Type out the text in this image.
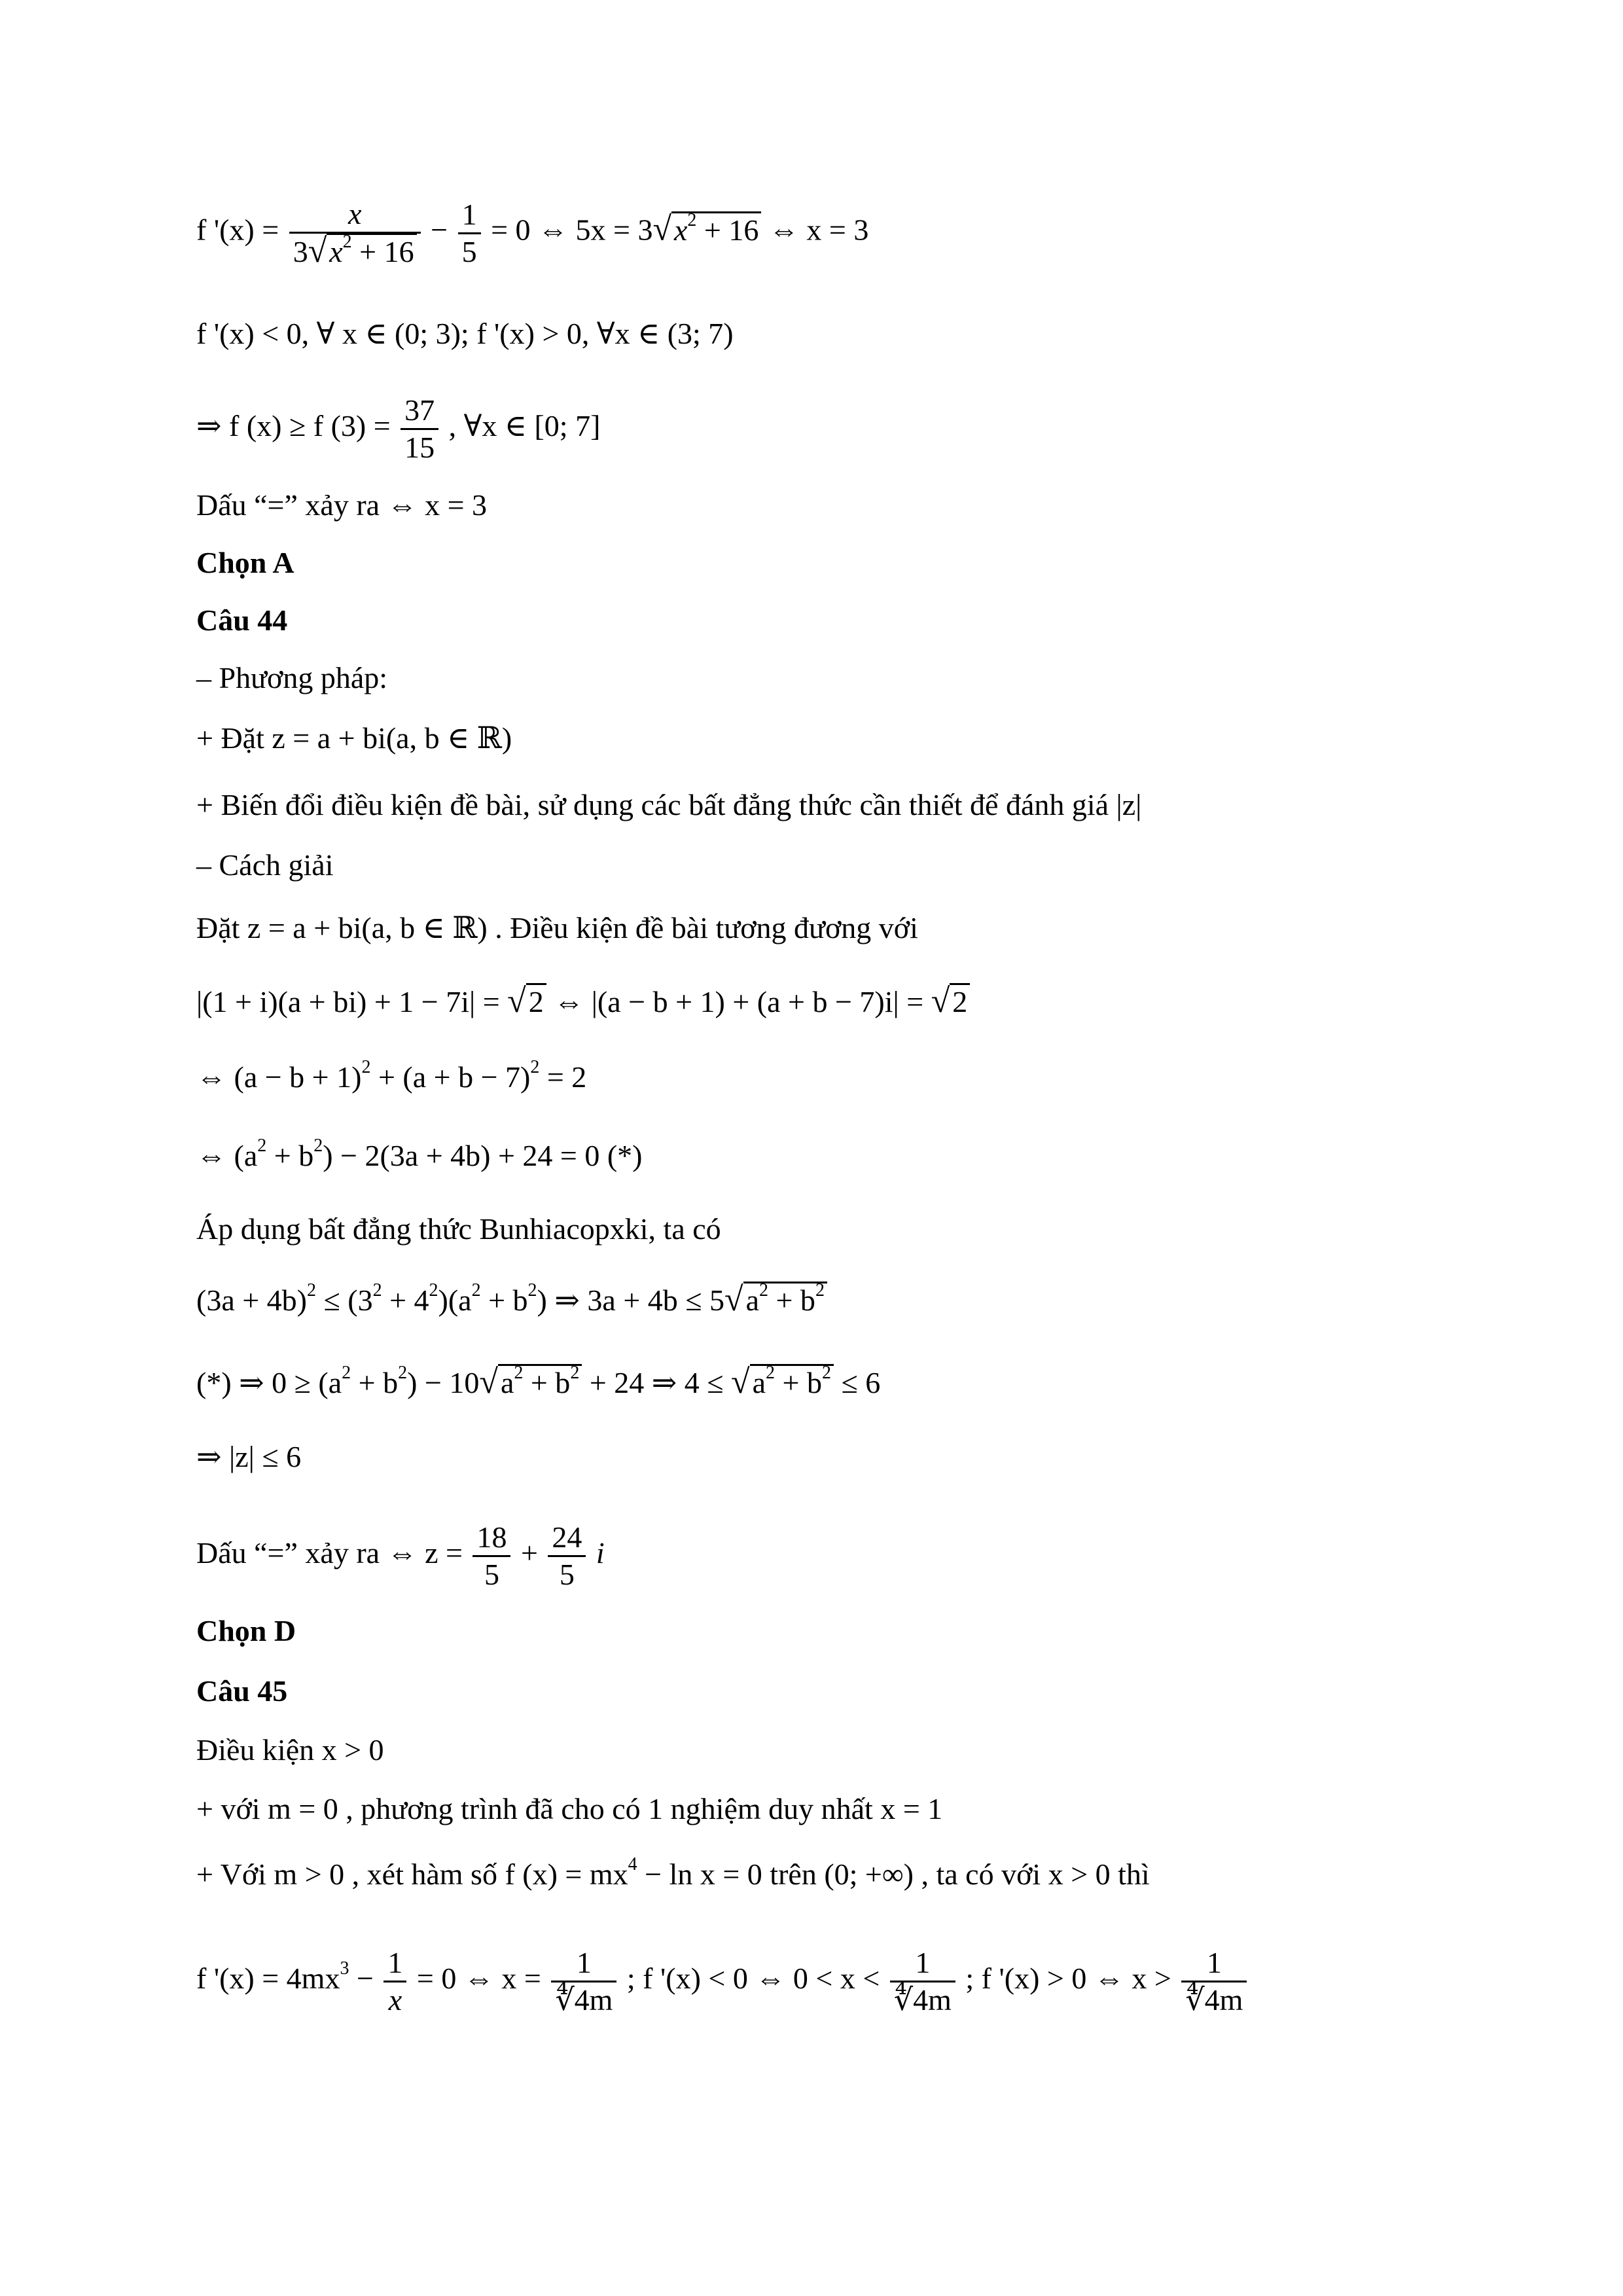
f '$(x) = \frac{x}{3√x^2 + 16} - \frac{1}{5} = 0$ ⇔ $5x = 3√x^2 + 16$ ⇔ x = 3
f '(x) < 0, ∀ x ∈ (0; 3); f '(x) > 0, ∀x ∈ (3; 7)
⇒ f (x) ≥ f $(3) = \frac{37}{15}$ , ∀x ∈ [0; 7]
Dấu “=” xảy ra ⇔ x = 3
Chọn A
Câu 44
– Phương pháp:
+ Đặt z = a + bi(a, b ∈ ℝ)
+ Biến đổi điều kiện đề bài, sử dụng các bất đẳng thức cần thiết để đánh giá |z|
– Cách giải
Đặt z = a + bi(a, b ∈ ℝ) . Điều kiện đề bài tương đương với
|(1 + i)(a + bi) + 1 − 7i| = √2 ⇔ |(a − b + 1) + (a + b − 7)i| = √2
⇔ $(a - b + 1)^2 + (a + b - 7)^2 = 2$
⇔ $(a^2 + b^2) - 2(3a + 4b) + 24 = 0$ (*)
Áp dụng bất đẳng thức Bunhiacopxki, ta có
$(3a + 4b)^2 \le (3^2 + 4^2)(a^2 + b^2)$ ⇒ $3a + 4b \le 5√a^2 + b^2$
(*) ⇒ $0 \ge (a^2 + b^2) - 10√a^2 + b^2 + 24$ ⇒ $4 \le √a^2 + b^2 \le 6$
⇒ |z| ≤ 6
Dấu “=” xảy ra ⇔ $z = \frac{18}{5} + \frac{24}{5}$ i
Chọn D
Câu 45
Điều kiện x > 0
+ với m = 0 , phương trình đã cho có 1 nghiệm duy nhất x = 1
+ Với m > 0 , xét hàm số f $(x) = mx^4 - \ln x = 0$ trên (0; +∞) , ta có với x > 0 thì
f '$(x) = 4mx^3 - \frac{1}{x} = 0$ ⇔ $x = \frac{1}{∜4m}$ ; f '(x) < 0 ⇔ $0 < x < \frac{1}{∜4m}$ ; f '(x) > 0 ⇔ $x > \frac{1}{∜4m}$
